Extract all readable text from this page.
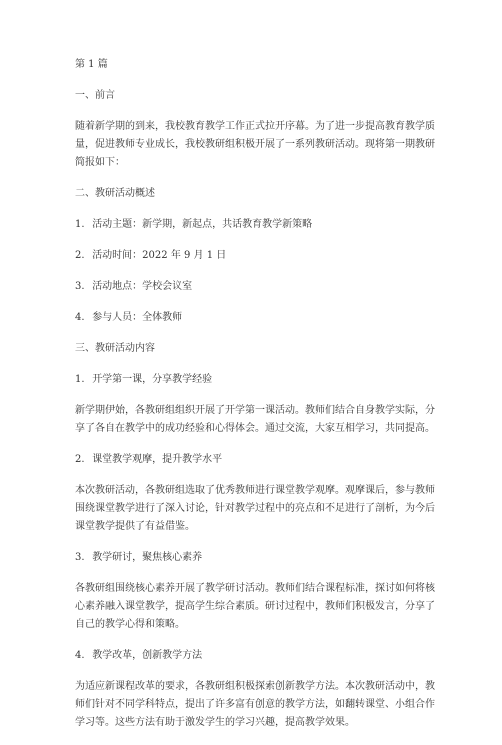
第 1 篇
一、前言
随着新学期的到来，我校教育教学工作正式拉开序幕。为了进一步提高教育教学质
量，促进教师专业成长，我校教研组积极开展了一系列教研活动。现将第一期教研
简报如下：
二、教研活动概述
1. 活动主题：新学期，新起点，共话教育教学新策略
2. 活动时间：2022 年 9 月 1 日
3. 活动地点：学校会议室
4. 参与人员：全体教师
三、教研活动内容
1. 开学第一课，分享教学经验
新学期伊始，各教研组组织开展了开学第一课活动。教师们结合自身教学实际，分
享了各自在教学中的成功经验和心得体会。通过交流，大家互相学习，共同提高。
2. 课堂教学观摩，提升教学水平
本次教研活动，各教研组选取了优秀教师进行课堂教学观摩。观摩课后，参与教师
围绕课堂教学进行了深入讨论，针对教学过程中的亮点和不足进行了剖析，为今后
课堂教学提供了有益借鉴。
3. 教学研讨，聚焦核心素养
各教研组围绕核心素养开展了教学研讨活动。教师们结合课程标准，探讨如何将核
心素养融入课堂教学，提高学生综合素质。研讨过程中，教师们积极发言，分享了
自己的教学心得和策略。
4. 教学改革，创新教学方法
为适应新课程改革的要求，各教研组积极探索创新教学方法。本次教研活动中，教
师们针对不同学科特点，提出了许多富有创意的教学方法，如翻转课堂、小组合作
学习等。这些方法有助于激发学生的学习兴趣，提高教学效果。
